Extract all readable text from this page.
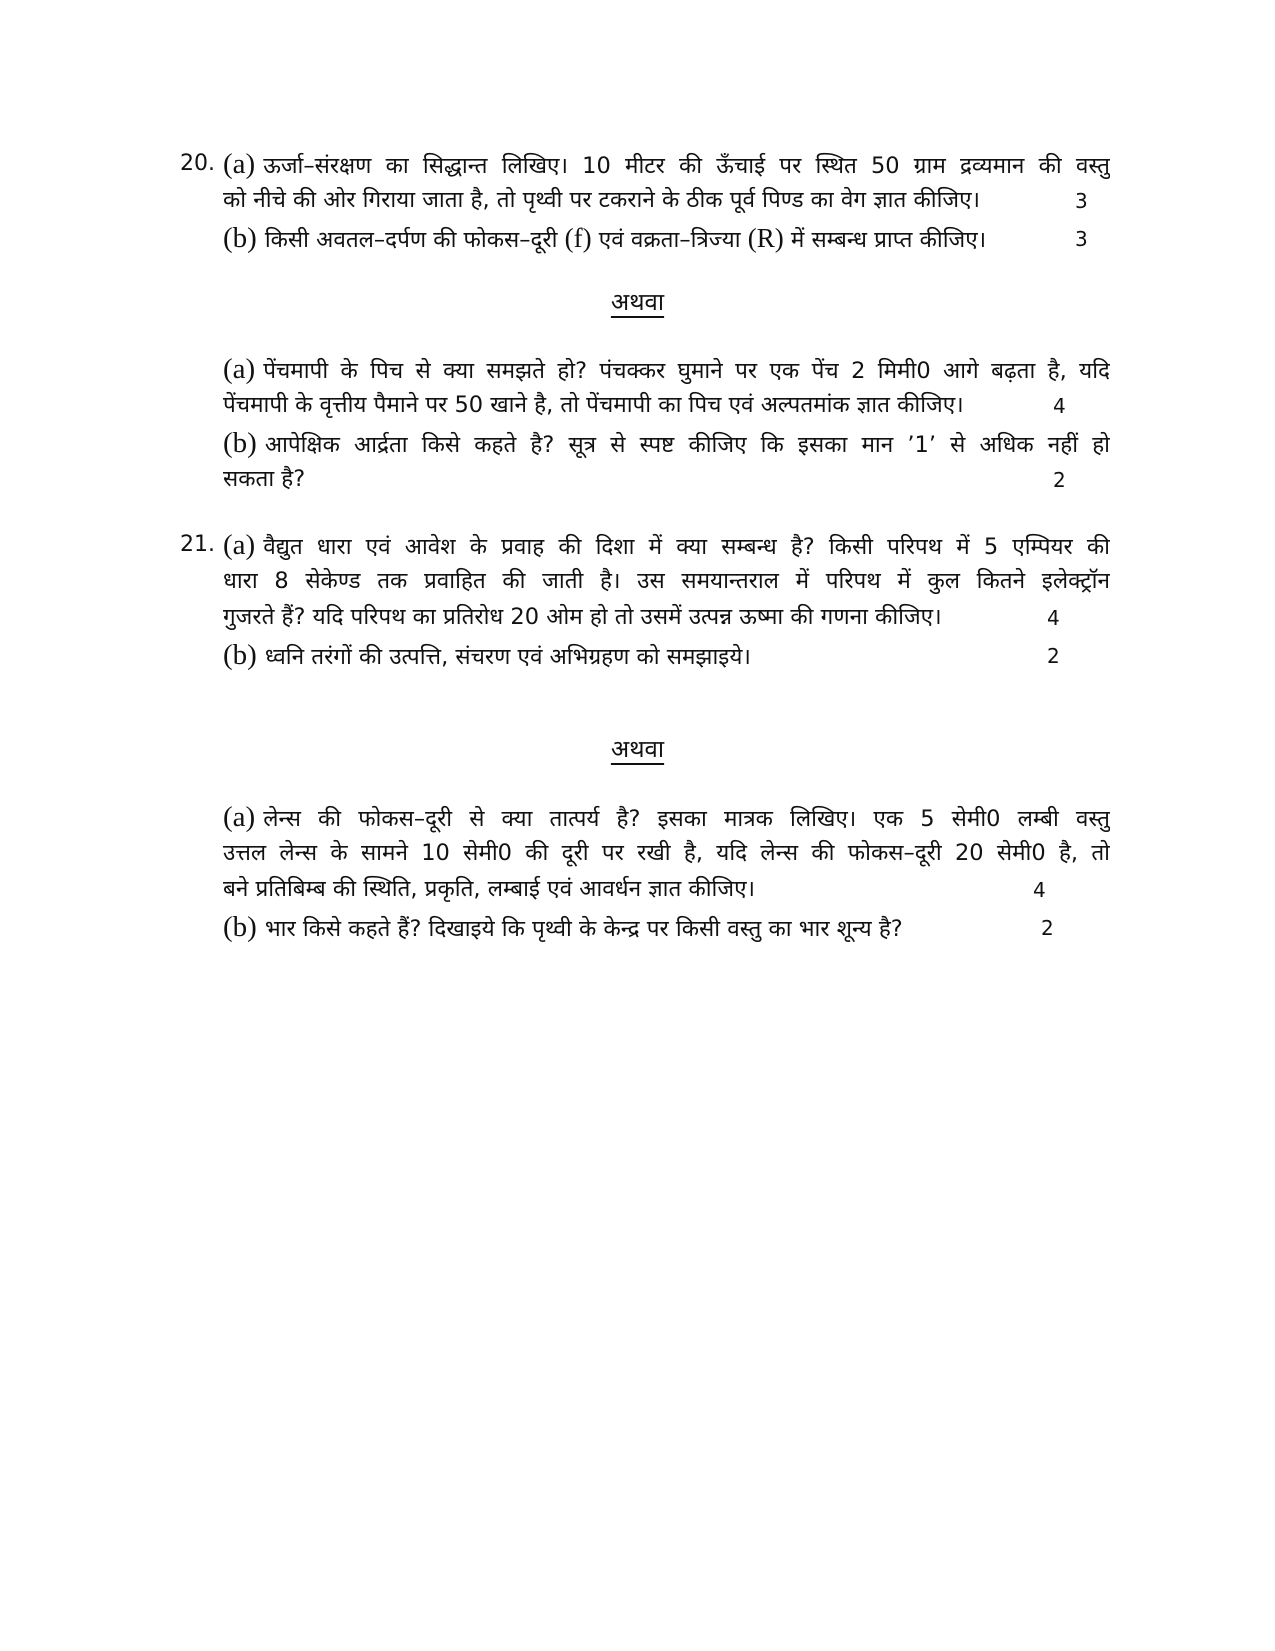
20. (a) ऊर्जा–संरक्षण का सिद्धान्त लिखिए। 10 मीटर की ऊँचाई पर स्थित 50 ग्राम द्रव्यमान की वस्तु
को नीचे की ओर गिराया जाता है, तो पृथ्वी पर टकराने के ठीक पूर्व पिण्ड का वेग ज्ञात कीजिए।	3
(b) किसी अवतल–दर्पण की फोकस–दूरी (f) एवं वक्रता–त्रिज्या (R) में सम्बन्ध प्राप्त कीजिए।	3
अथवा
(a) पेंचमापी के पिच से क्या समझते हो? पंचक्कर घुमाने पर एक पेंच 2 मिमी0 आगे बढ़ता है, यदि
पेंचमापी के वृत्तीय पैमाने पर 50 खाने है, तो पेंचमापी का पिच एवं अल्पतमांक ज्ञात कीजिए।	4
(b) आपेक्षिक आर्द्रता किसे कहते है? सूत्र से स्पष्ट कीजिए कि इसका मान ’1’ से अधिक नहीं हो
सकता है?	2
21. (a) वैद्युत धारा एवं आवेश के प्रवाह की दिशा में क्या सम्बन्ध है? किसी परिपथ में 5 एम्पियर की
धारा 8 सेकेण्ड तक प्रवाहित की जाती है। उस समयान्तराल में परिपथ में कुल कितने इलेक्ट्रॉन
गुजरते हैं? यदि परिपथ का प्रतिरोध 20 ओम हो तो उसमें उत्पन्न ऊष्मा की गणना कीजिए।	4
(b) ध्वनि तरंगों की उत्पत्ति, संचरण एवं अभिग्रहण को समझाइये।	2
अथवा
(a) लेन्स की फोकस–दूरी से क्या तात्पर्य है? इसका मात्रक लिखिए। एक 5 सेमी0 लम्बी वस्तु
उत्तल लेन्स के सामने 10 सेमी0 की दूरी पर रखी है, यदि लेन्स की फोकस–दूरी 20 सेमी0 है, तो
बने प्रतिबिम्ब की स्थिति, प्रकृति, लम्बाई एवं आवर्धन ज्ञात कीजिए।	4
(b) भार किसे कहते हैं? दिखाइये कि पृथ्वी के केन्द्र पर किसी वस्तु का भार शून्य है?	2
